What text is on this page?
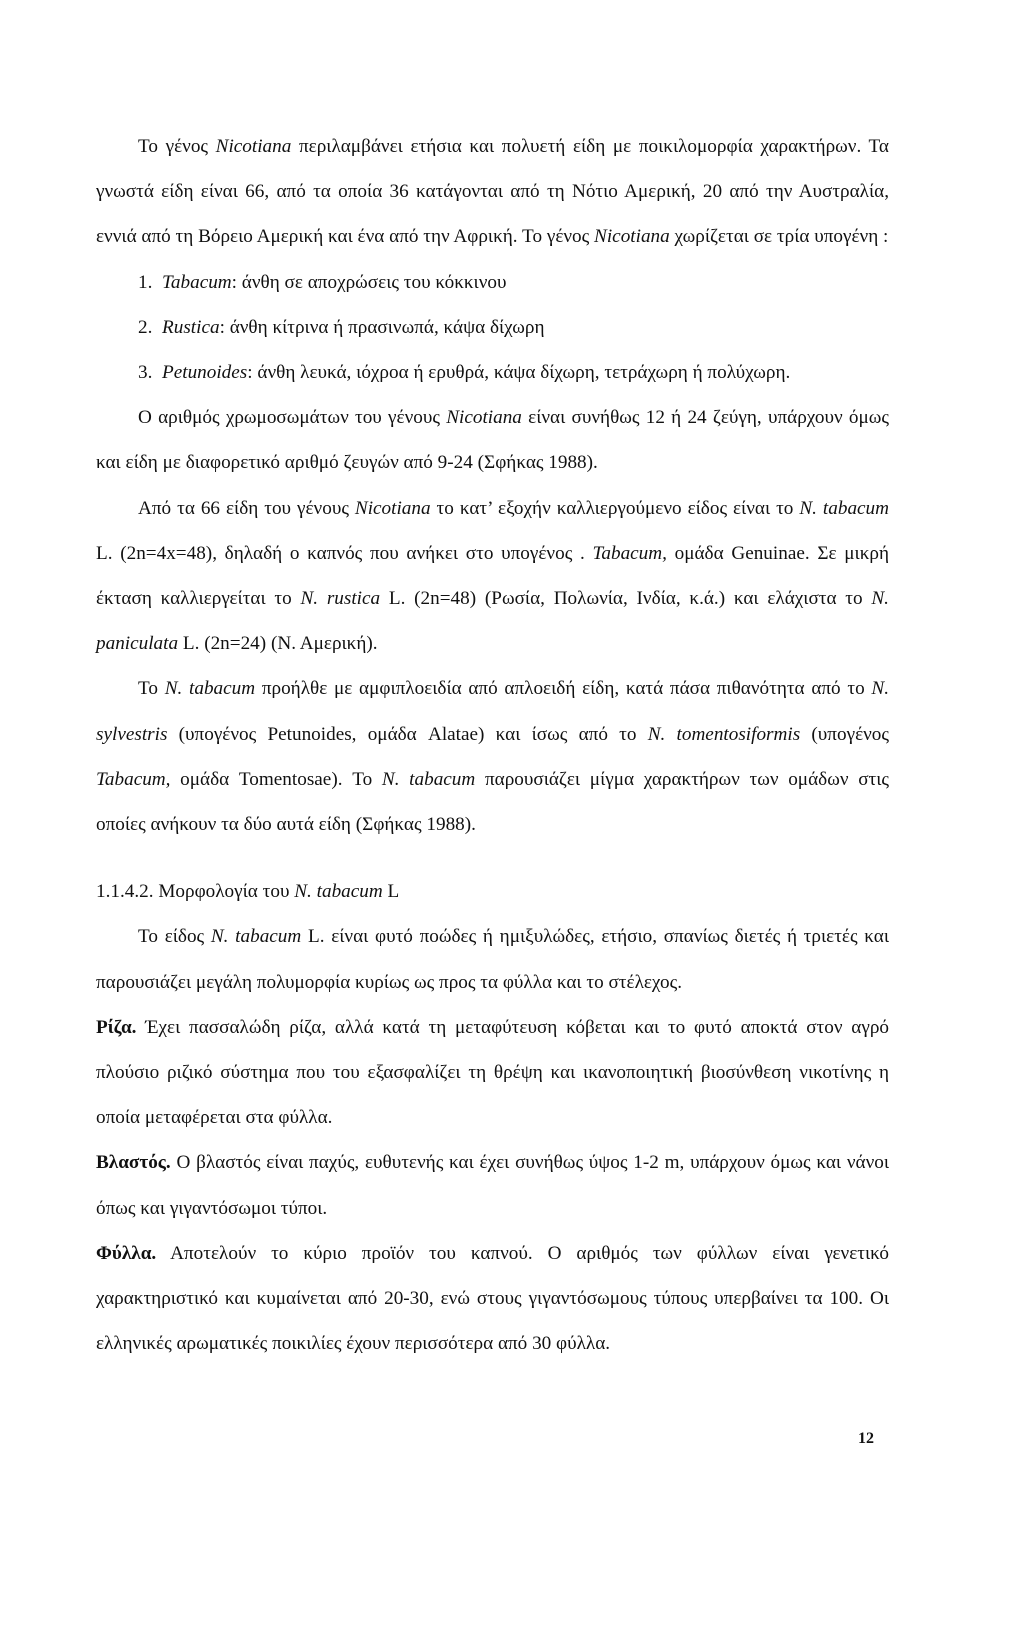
Το γένος Nicotiana περιλαμβάνει ετήσια και πολυετή είδη με ποικιλομορφία χαρακτήρων. Τα γνωστά είδη είναι 66, από τα οποία 36 κατάγονται από τη Νότιο Αμερική, 20 από την Αυστραλία, εννιά από τη Βόρειο Αμερική και ένα από την Αφρική. Το γένος Nicotiana χωρίζεται σε τρία υπογένη :

1. Tabacum: άνθη σε αποχρώσεις του κόκκινου

2. Rustica: άνθη κίτρινα ή πρασινωπά, κάψα δίχωρη

3. Petunoides: άνθη λευκά, ιόχροα ή ερυθρά, κάψα δίχωρη, τετράχωρη ή πολύχωρη.

Ο αριθμός χρωμοσωμάτων του γένους Nicotiana είναι συνήθως 12 ή 24 ζεύγη, υπάρχουν όμως και είδη με διαφορετικό αριθμό ζευγών από 9-24 (Σφήκας 1988).

Από τα 66 είδη του γένους Nicotiana το κατ’ εξοχήν καλλιεργούμενο είδος είναι το N. tabacum L. (2n=4x=48), δηλαδή ο καπνός που ανήκει στο υπογένος . Tabacum, ομάδα Genuinae. Σε μικρή έκταση καλλιεργείται το N. rustica L. (2n=48) (Ρωσία, Πολωνία, Ινδία, κ.ά.) και ελάχιστα το N. paniculata L. (2n=24) (Ν. Αμερική).

Το N. tabacum προήλθε με αμφιπλοειδία από απλοειδή είδη, κατά πάσα πιθανότητα από το N. sylvestris (υπογένος Petunoides, ομάδα Alatae) και ίσως από το N. tomentosiformis (υπογένος Tabacum, ομάδα Tomentosae). Το N. tabacum παρουσιάζει μίγμα χαρακτήρων των ομάδων στις οποίες ανήκουν τα δύο αυτά είδη (Σφήκας 1988).

1.1.4.2. Μορφολογία του N. tabacum L

Το είδος N. tabacum L. είναι φυτό ποώδες ή ημιξυλώδες, ετήσιο, σπανίως διετές ή τριετές και παρουσιάζει μεγάλη πολυμορφία κυρίως ως προς τα φύλλα και το στέλεχος.

Ρίζα. Έχει πασσαλώδη ρίζα, αλλά κατά τη μεταφύτευση κόβεται και το φυτό αποκτά στον αγρό πλούσιο ριζικό σύστημα που του εξασφαλίζει τη θρέψη και ικανοποιητική βιοσύνθεση νικοτίνης η οποία μεταφέρεται στα φύλλα.

Βλαστός. Ο βλαστός είναι παχύς, ευθυτενής και έχει συνήθως ύψος 1-2 m, υπάρχουν όμως και νάνοι όπως και γιγαντόσωμοι τύποι.

Φύλλα. Αποτελούν το κύριο προϊόν του καπνού. Ο αριθμός των φύλλων είναι γενετικό χαρακτηριστικό και κυμαίνεται από 20-30, ενώ στους γιγαντόσωμους τύπους υπερβαίνει τα 100. Οι ελληνικές αρωματικές ποικιλίες έχουν περισσότερα από 30 φύλλα.

12
